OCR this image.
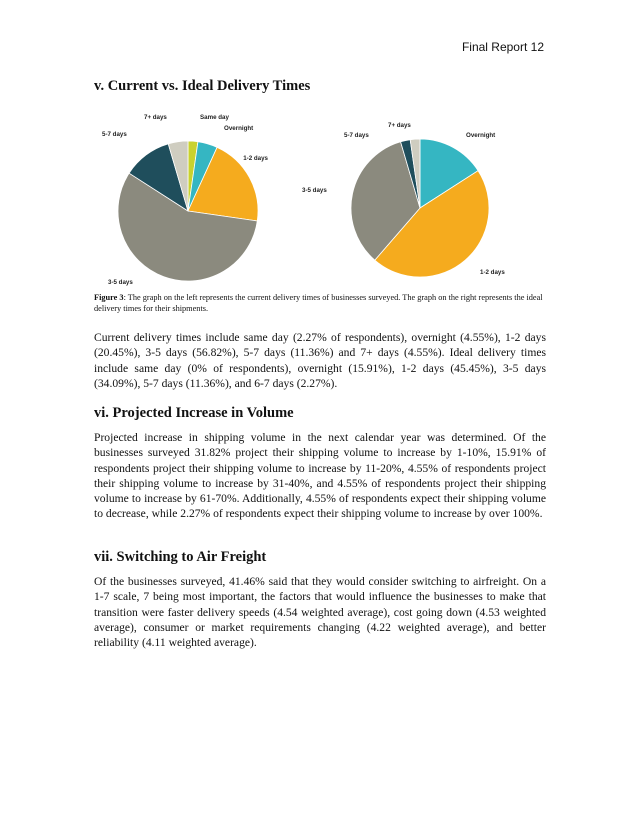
Final Report 12
v. Current vs. Ideal Delivery Times
7+ days	Same day
Overnight
5-7 days
1-2 days
3-5 days
7+ days
5-7 days	Overnight
3-5 days
1-2 days

Figure 3: The graph on the left represents the current delivery times of businesses surveyed. The graph on the right represents the ideal delivery times for their shipments.

Current delivery times include same day (2.27% of respondents), overnight (4.55%), 1-2 days (20.45%), 3-5 days (56.82%), 5-7 days (11.36%) and 7+ days (4.55%). Ideal delivery times include same day (0% of respondents), overnight (15.91%), 1-2 days (45.45%), 3-5 days (34.09%), 5-7 days (11.36%), and 6-7 days (2.27%).

vi. Projected Increase in Volume

Projected increase in shipping volume in the next calendar year was determined. Of the businesses surveyed 31.82% project their shipping volume to increase by 1-10%, 15.91% of respondents project their shipping volume to increase by 11-20%, 4.55% of respondents project their shipping volume to increase by 31-40%, and 4.55% of respondents project their shipping volume to increase by 61-70%. Additionally, 4.55% of respondents expect their shipping volume to decrease, while 2.27% of respondents expect their shipping volume to increase by over 100%.

vii. Switching to Air Freight

Of the businesses surveyed, 41.46% said that they would consider switching to airfreight. On a 1-7 scale, 7 being most important, the factors that would influence the businesses to make that transition were faster delivery speeds (4.54 weighted average), cost going down (4.53 weighted average), consumer or market requirements changing (4.22 weighted average), and better reliability (4.11 weighted average).
